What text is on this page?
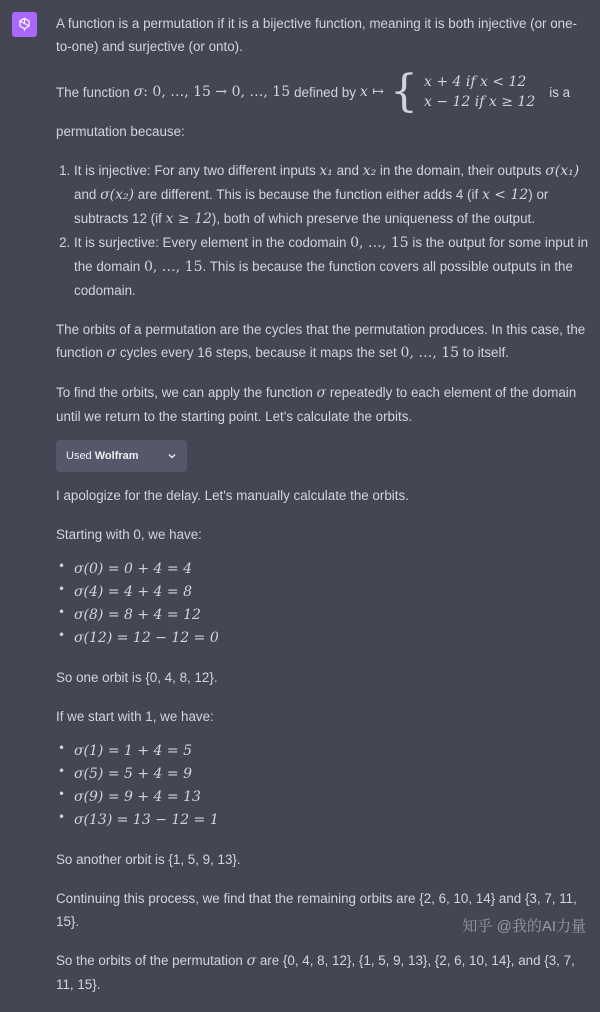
A function is a permutation if it is a bijective function, meaning it is both injective (or one-to-one) and surjective (or onto).

The function σ : 0, …, 15 → 0, …, 15 defined by x ↦ { x + 4 if x < 12
x − 12 if x ≥ 12
is a

permutation because:

1. It is injective: For any two different inputs x₁ and x₂ in the domain, their outputs σ(x₁) and σ(x₂) are different. This is because the function either adds 4 (if x < 12) or subtracts 12 (if x ≥ 12), both of which preserve the uniqueness of the output.
2. It is surjective: Every element in the codomain 0, …, 15 is the output for some input in the domain 0, …, 15. This is because the function covers all possible outputs in the codomain.

The orbits of a permutation are the cycles that the permutation produces. In this case, the function σ cycles every 16 steps, because it maps the set 0, …, 15 to itself.

To find the orbits, we can apply the function σ repeatedly to each element of the domain until we return to the starting point. Let's calculate the orbits.

Used Wolfram

I apologize for the delay. Let's manually calculate the orbits.

Starting with 0, we have:

• σ(0) = 0 + 4 = 4
• σ(4) = 4 + 4 = 8
• σ(8) = 8 + 4 = 12
• σ(12) = 12 − 12 = 0

So one orbit is {0, 4, 8, 12}.

If we start with 1, we have:

• σ(1) = 1 + 4 = 5
• σ(5) = 5 + 4 = 9
• σ(9) = 9 + 4 = 13
• σ(13) = 13 − 12 = 1

So another orbit is {1, 5, 9, 13}.

Continuing this process, we find that the remaining orbits are {2, 6, 10, 14} and {3, 7, 11, 15}.

So the orbits of the permutation σ are {0, 4, 8, 12}, {1, 5, 9, 13}, {2, 6, 10, 14}, and {3, 7, 11, 15}.

知乎 @我的AI力量
